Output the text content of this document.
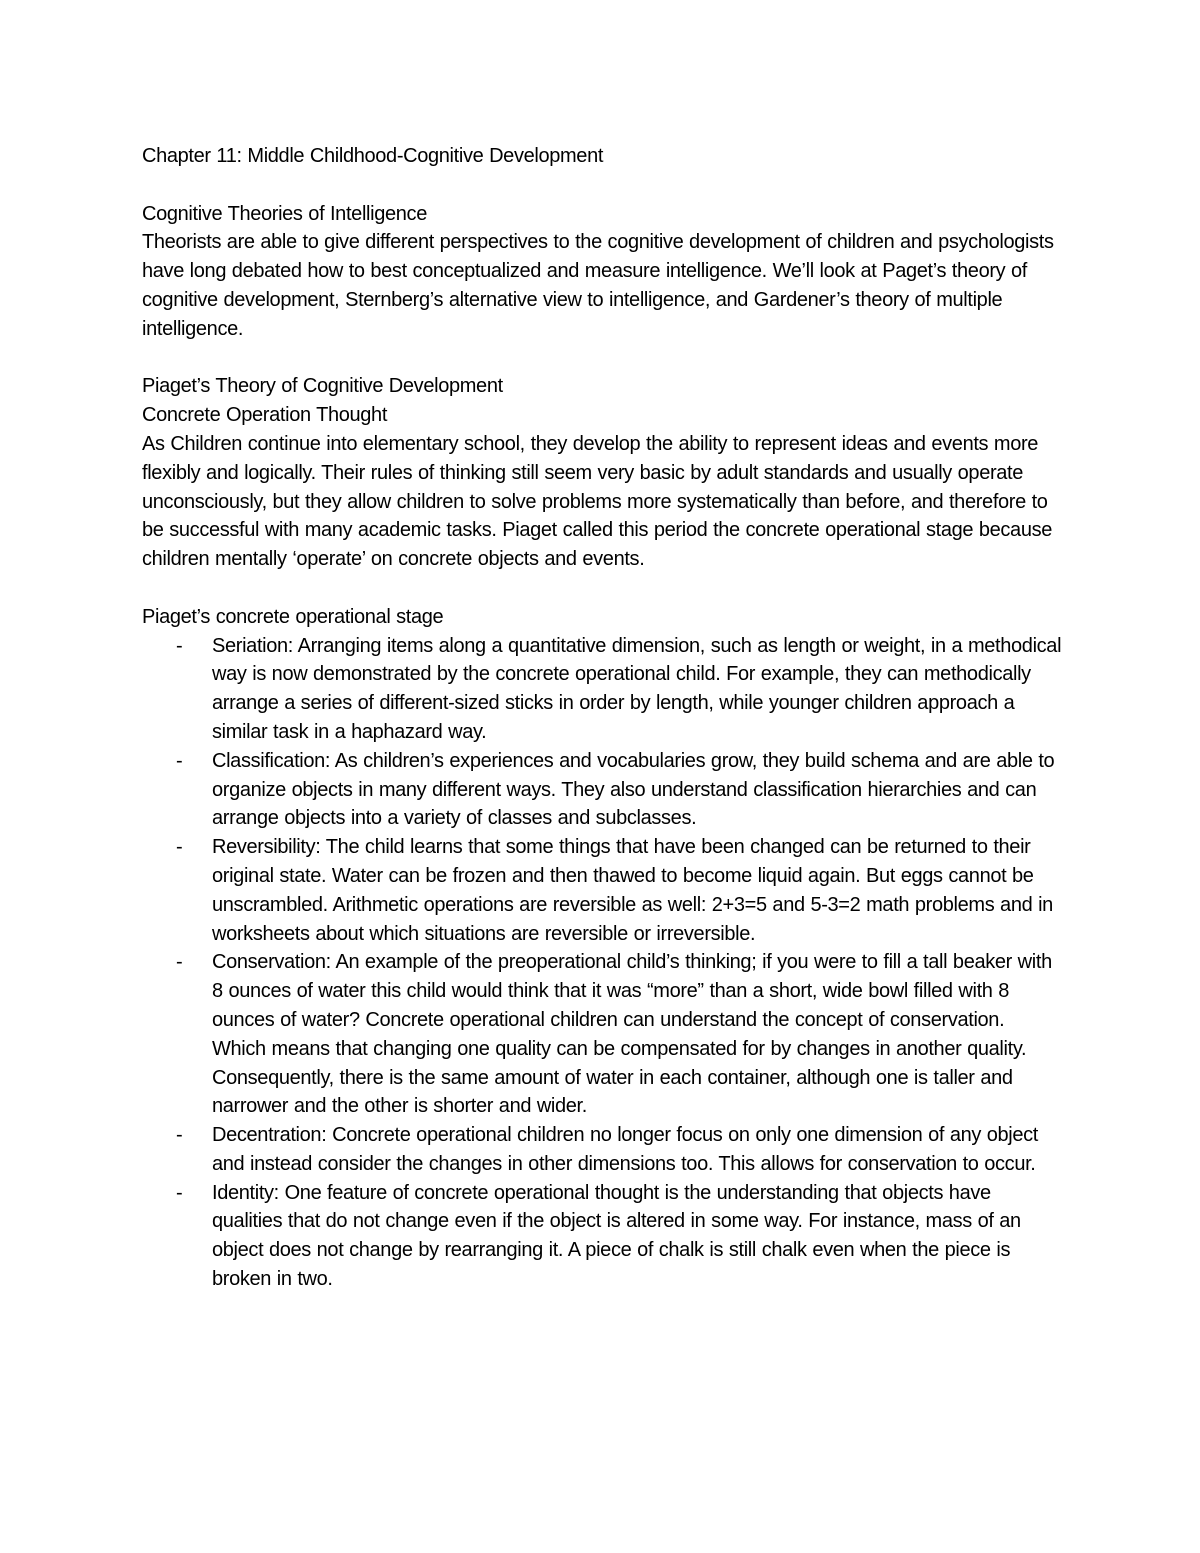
Chapter 11: Middle Childhood-Cognitive Development

Cognitive Theories of Intelligence

Theorists are able to give different perspectives to the cognitive development of children and psychologists have long debated how to best conceptualized and measure intelligence. We’ll look at Paget’s theory of cognitive development, Sternberg’s alternative view to intelligence, and Gardener’s theory of multiple intelligence.

Piaget’s Theory of Cognitive Development

Concrete Operation Thought

As Children continue into elementary school, they develop the ability to represent ideas and events more flexibly and logically. Their rules of thinking still seem very basic by adult standards and usually operate unconsciously, but they allow children to solve problems more systematically than before, and therefore to be successful with many academic tasks. Piaget called this period the concrete operational stage because children mentally ‘operate’ on concrete objects and events.

Piaget’s concrete operational stage

- Seriation: Arranging items along a quantitative dimension, such as length or weight, in a methodical way is now demonstrated by the concrete operational child. For example, they can methodically arrange a series of different-sized sticks in order by length, while younger children approach a similar task in a haphazard way.
- Classification: As children’s experiences and vocabularies grow, they build schema and are able to organize objects in many different ways. They also understand classification hierarchies and can arrange objects into a variety of classes and subclasses.
- Reversibility: The child learns that some things that have been changed can be returned to their original state. Water can be frozen and then thawed to become liquid again. But eggs cannot be unscrambled. Arithmetic operations are reversible as well: 2+3=5 and 5-3=2 math problems and in worksheets about which situations are reversible or irreversible.
- Conservation: An example of the preoperational child’s thinking; if you were to fill a tall beaker with 8 ounces of water this child would think that it was “more” than a short, wide bowl filled with 8 ounces of water? Concrete operational children can understand the concept of conservation. Which means that changing one quality can be compensated for by changes in another quality. Consequently, there is the same amount of water in each container, although one is taller and narrower and the other is shorter and wider.
- Decentration: Concrete operational children no longer focus on only one dimension of any object and instead consider the changes in other dimensions too. This allows for conservation to occur.
- Identity: One feature of concrete operational thought is the understanding that objects have qualities that do not change even if the object is altered in some way. For instance, mass of an object does not change by rearranging it. A piece of chalk is still chalk even when the piece is broken in two.
